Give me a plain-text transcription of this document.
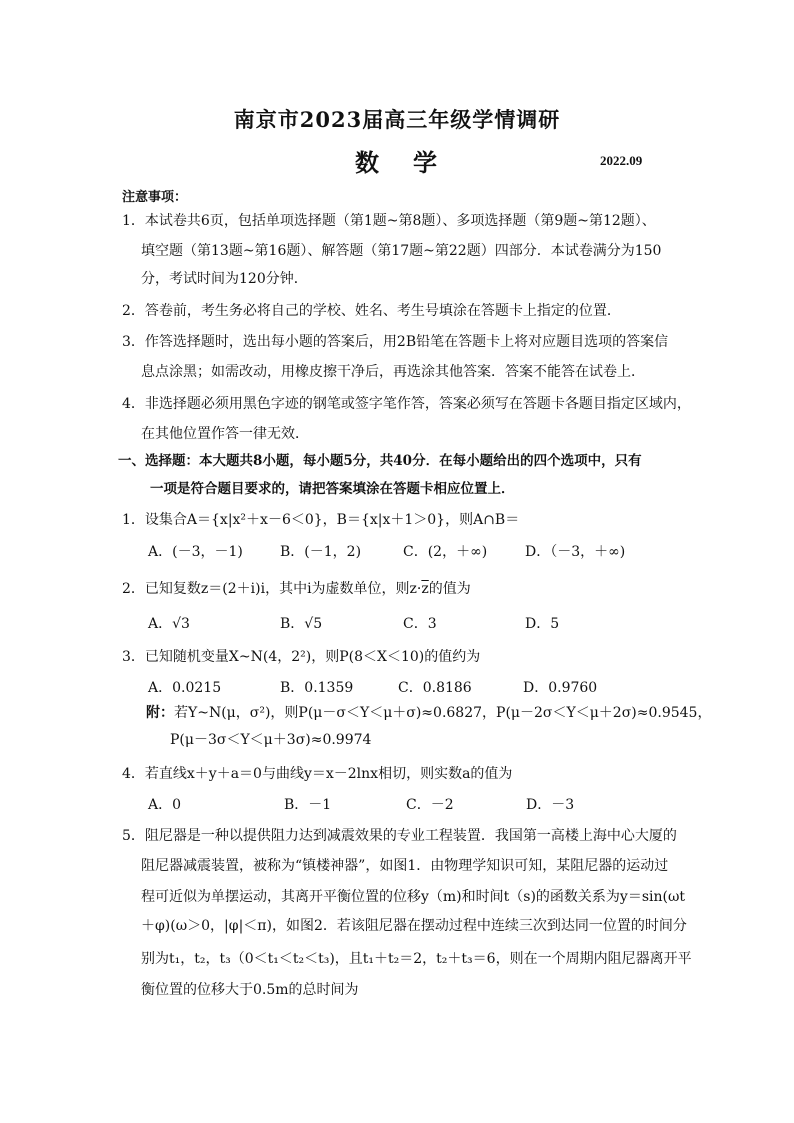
南京市2023届高三年级学情调研
数学	2022.09
注意事项：
1．本试卷共6页，包括单项选择题（第1题~第8题）、多项选择题（第9题~第12题）、
填空题（第13题~第16题）、解答题（第17题~第22题）四部分．本试卷满分为150
分，考试时间为120分钟．
2．答卷前，考生务必将自己的学校、姓名、考生号填涂在答题卡上指定的位置．
3．作答选择题时，选出每小题的答案后，用2B铅笔在答题卡上将对应题目选项的答案信
息点涂黑；如需改动，用橡皮擦干净后，再选涂其他答案．答案不能答在试卷上．
4．非选择题必须用黑色字迹的钢笔或签字笔作答，答案必须写在答题卡各题目指定区域内，
在其他位置作答一律无效．
一、选择题：本大题共8小题，每小题5分，共40分．在每小题给出的四个选项中，只有
一项是符合题目要求的，请把答案填涂在答题卡相应位置上．
1．设集合A＝{x|x²＋x－6＜0}，B＝{x|x＋1＞0}，则A∩B＝
A．(－3，－1)	B．(－1，2)	C．(2，＋∞)	D．（－3，＋∞)
2．已知复数z＝(2＋i)i，其中i为虚数单位，则$z\cdot\overline{z}$的值为
A．√3	B．√5	C．3	D．5
3．已知随机变量X~N(4，2²)，则P(8＜X＜10)的值约为
A．0.0215	B．0.1359	C．0.8186	D．0.9760
附：若Y~N(μ，σ²)，则P(μ－σ＜Y＜μ＋σ)≈0.6827，P(μ－2σ＜Y＜μ＋2σ)≈0.9545，
P(μ－3σ＜Y＜μ＋3σ)≈0.9974
4．若直线x＋y＋a＝0与曲线y＝x－2lnx相切，则实数a的值为
A．0	B．－1	C．－2	D．－3
5．阻尼器是一种以提供阻力达到减震效果的专业工程装置．我国第一高楼上海中心大厦的
阻尼器减震装置，被称为“镇楼神器”，如图1．由物理学知识可知，某阻尼器的运动过
程可近似为单摆运动，其离开平衡位置的位移y（m)和时间t（s)的函数关系为y＝sin(ωt
＋φ)(ω＞0，|φ|＜π)，如图2．若该阻尼器在摆动过程中连续三次到达同一位置的时间分
别为t₁，t₂，t₃（0＜t₁＜t₂＜t₃)，且t₁＋t₂＝2，t₂＋t₃＝6，则在一个周期内阻尼器离开平
衡位置的位移大于0.5m的总时间为
